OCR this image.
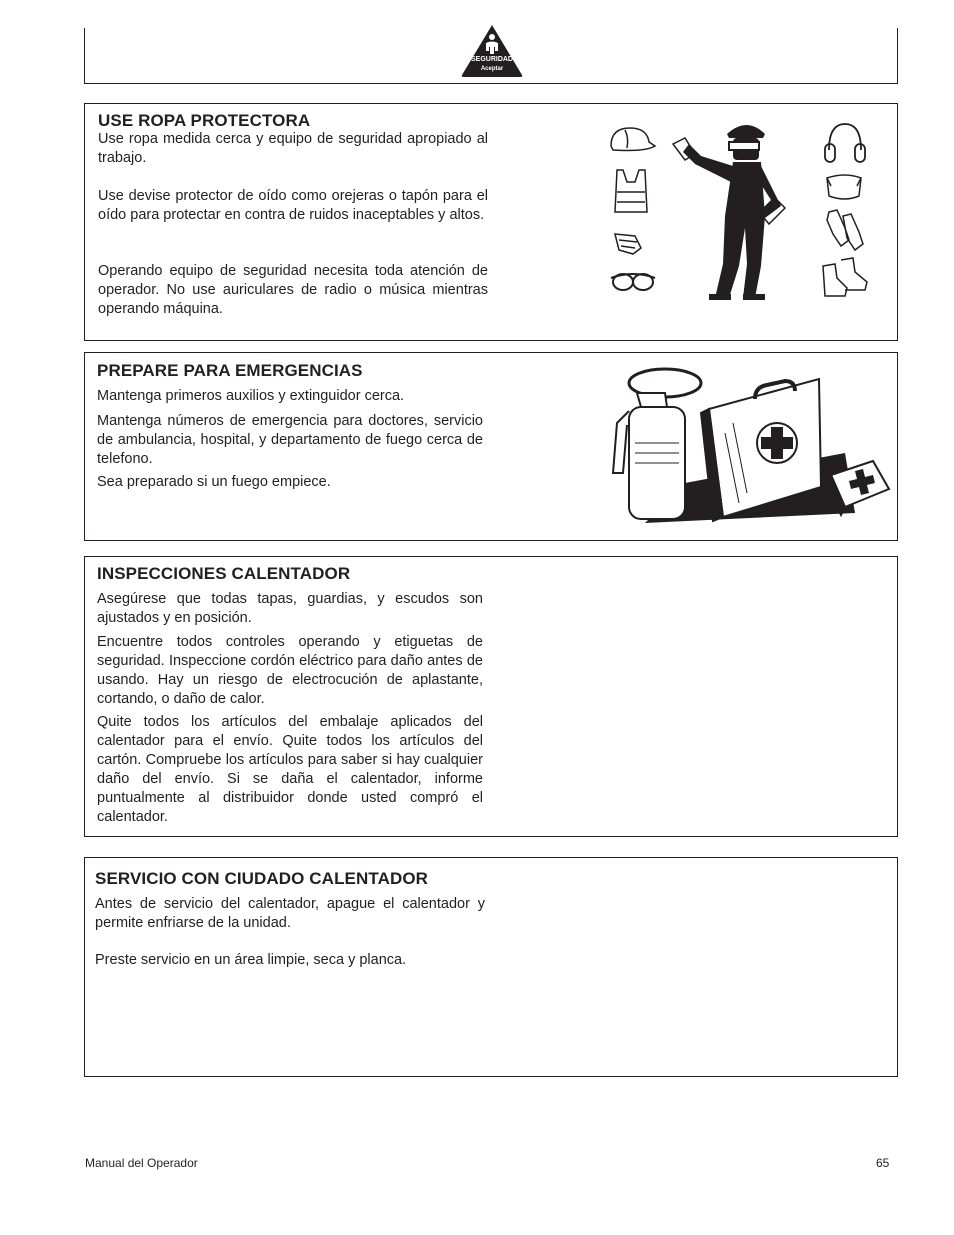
SEGURIDAD
Aceptar
USE ROPA PROTECTORA

Use ropa medida cerca y equipo de seguridad apropiado al trabajo.

Use devise protector de oído como orejeras o tapón para el oído para protectar en contra de ruidos inaceptables y altos.

Operando equipo de seguridad necesita toda atención de operador. No use auriculares de radio o música mientras operando máquina.

PREPARE PARA EMERGENCIAS

Mantenga primeros auxilios y extinguidor cerca.

Mantenga números de emergencia para doctores, servicio de ambulancia, hospital, y departamento de fuego cerca de telefono.

Sea preparado si un fuego empiece.

INSPECCIONES CALENTADOR

Asegúrese que todas tapas, guardias, y escudos son ajustados y en posición.

Encuentre todos controles operando y etiguetas de seguridad. Inspeccione cordón eléctrico para daño antes de usando. Hay un riesgo de electrocución de aplastante, cortando, o daño de calor.

Quite todos los artículos del embalaje aplicados del calentador para el envío. Quite todos los artículos del cartón. Compruebe los artículos para saber si hay cualquier daño del envío. Si se daña el calentador, informe puntualmente al distribuidor donde usted compró el calentador.

SERVICIO CON CIUDADO CALENTADOR

Antes de servicio del calentador, apague el calentador y permite enfriarse de la unidad.

Preste servicio en un área limpie, seca y planca.

Manual del Operador	65
